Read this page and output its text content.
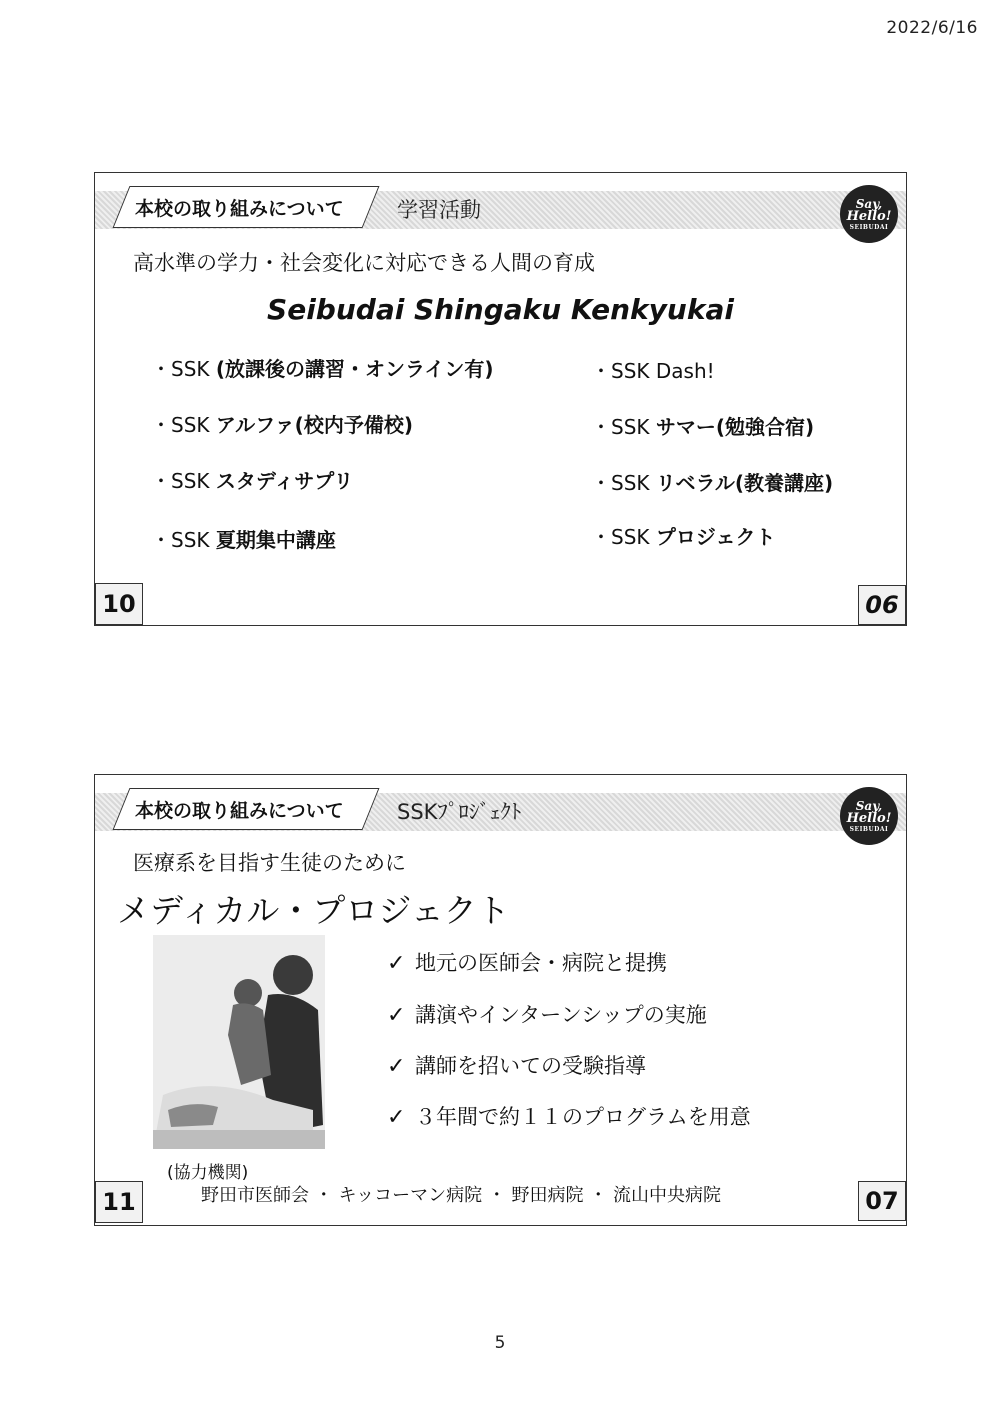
2022/6/16
本校の取り組みについて	学習活動	Say,
Hello!
SEIBUDAI
高水準の学力・社会変化に対応できる人間の育成
Seibudai Shingaku Kenkyukai
・SSK (放課後の講習・オンライン有)
・SSK アルファ(校内予備校)
・SSK スタディサプリ
・SSK 夏期集中講座
・SSK Dash!
・SSK サマー(勉強合宿)
・SSK リベラル(教養講座)
・SSK プロジェクト
10	06
本校の取り組みについて	SSKﾌﾟﾛｼﾞｪｸﾄ	Say,
Hello!
SEIBUDAI
医療系を目指す生徒のために
メディカル・プロジェクト
✓ 地元の医師会・病院と提携
✓ 講演やインターンシップの実施
✓ 講師を招いての受験指導
✓ ３年間で約１１のプログラムを用意
(協力機関)
野田市医師会 ・ キッコーマン病院 ・ 野田病院 ・ 流山中央病院
11	07
5
